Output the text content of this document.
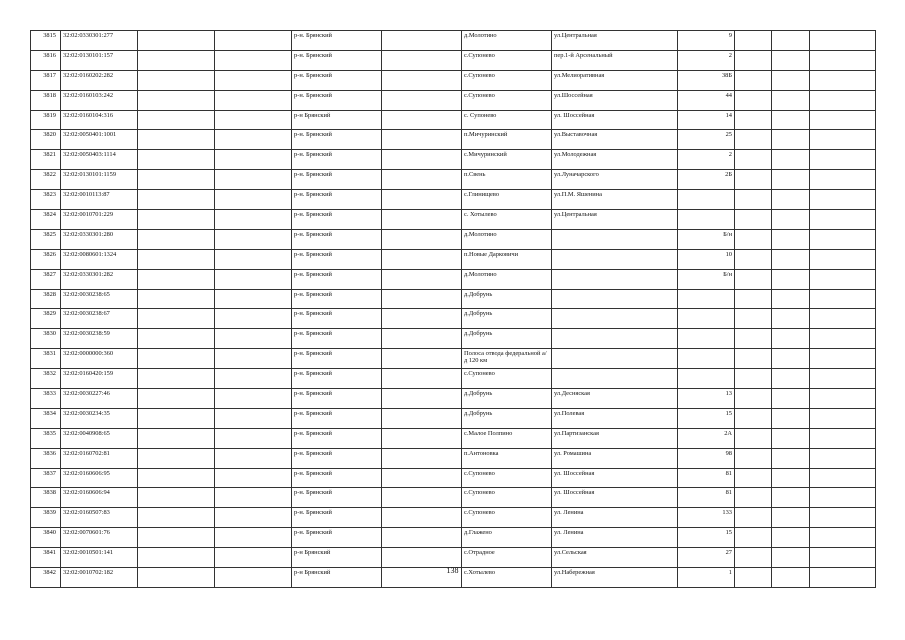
3815	32:02:0330301:277			р-н. Брянский		д.Молотино	ул.Центральная	9			
3816	32:02:0130101:157			р-н. Брянский		с.Супонево	пер.1-й Арсенальный	2			
3817	32:02:0160202:282			р-н. Брянский		с.Супонево	ул.Мелиоративная	38Б			
3818	32:02:0160103:242			р-н. Брянский		с.Супонево	ул.Шоссейная	44			
3819	32:02:0160104:316			р-н Брянский		с. Супонево	ул. Шоссейная	14			
3820	32:02:0050401:1001			р-н. Брянский		п.Мичуринский	ул.Выставочная	25			
3821	32:02:0050403:1114			р-н. Брянский		с.Мичуринский	ул.Молодежная	2			
3822	32:02:0130101:1159			р-н. Брянский		п.Свень	ул.Луначарского	2Б			
3823	32:02:0010113:87			р-н. Брянский		с.Глинищево	ул.П.М. Яшенина				
3824	32:02:0010701:229			р-н. Брянский		с. Хотылево	ул.Центральная				
3825	32:02:0330301:280			р-н. Брянский		д.Молотино		Б/н			
3826	32:02:0080601:1324			р-н. Брянский		п.Новые Дарковичи		10			
3827	32:02:0330301:282			р-н. Брянский		д.Молотино		Б/н			
3828	32:02:0030238:65			р-н. Брянский		д.Добрунь					
3829	32:02:0030238:67			р-н. Брянский		д.Добрунь					
3830	32:02:0030238:59			р-н. Брянский		д.Добрунь					
3831	32:02:0000000:360			р-н. Брянский		Полоса отвода федеральной а/д 120 км					
3832	32:02:0160420:159			р-н. Брянский		с.Супонево					
3833	32:02:0030227:46			р-н. Брянский		д.Добрунь	ул.Десняская	13			
3834	32:02:0030234:35			р-н. Брянский		д.Добрунь	ул.Полевая	15			
3835	32:02:0040908:65			р-н. Брянский		с.Малое Полпино	ул.Партизанская	2А			
3836	32:02:0160702:81			р-н. Брянский		п.Антоновка	ул. Ромашина	98			
3837	32:02:0160606:95			р-н. Брянский		с.Супонево	ул. Шоссейная	81			
3838	32:02:0160606:94			р-н. Брянский		с.Супонево	ул. Шоссейная	81			
3839	32:02:0160507:83			р-н. Брянский		с.Супонево	ул. Ленина	133			
3840	32:02:0070601:76			р-н. Брянский		д.Глажено	ул. Ленина	15			
3841	32:02:0010501:141			р-н Брянский		с.Отрадное	ул.Сельская	27			
3842	32:02:0010702:182			р-н Брянский		с.Хотылево	ул.Набережная	1			
138
